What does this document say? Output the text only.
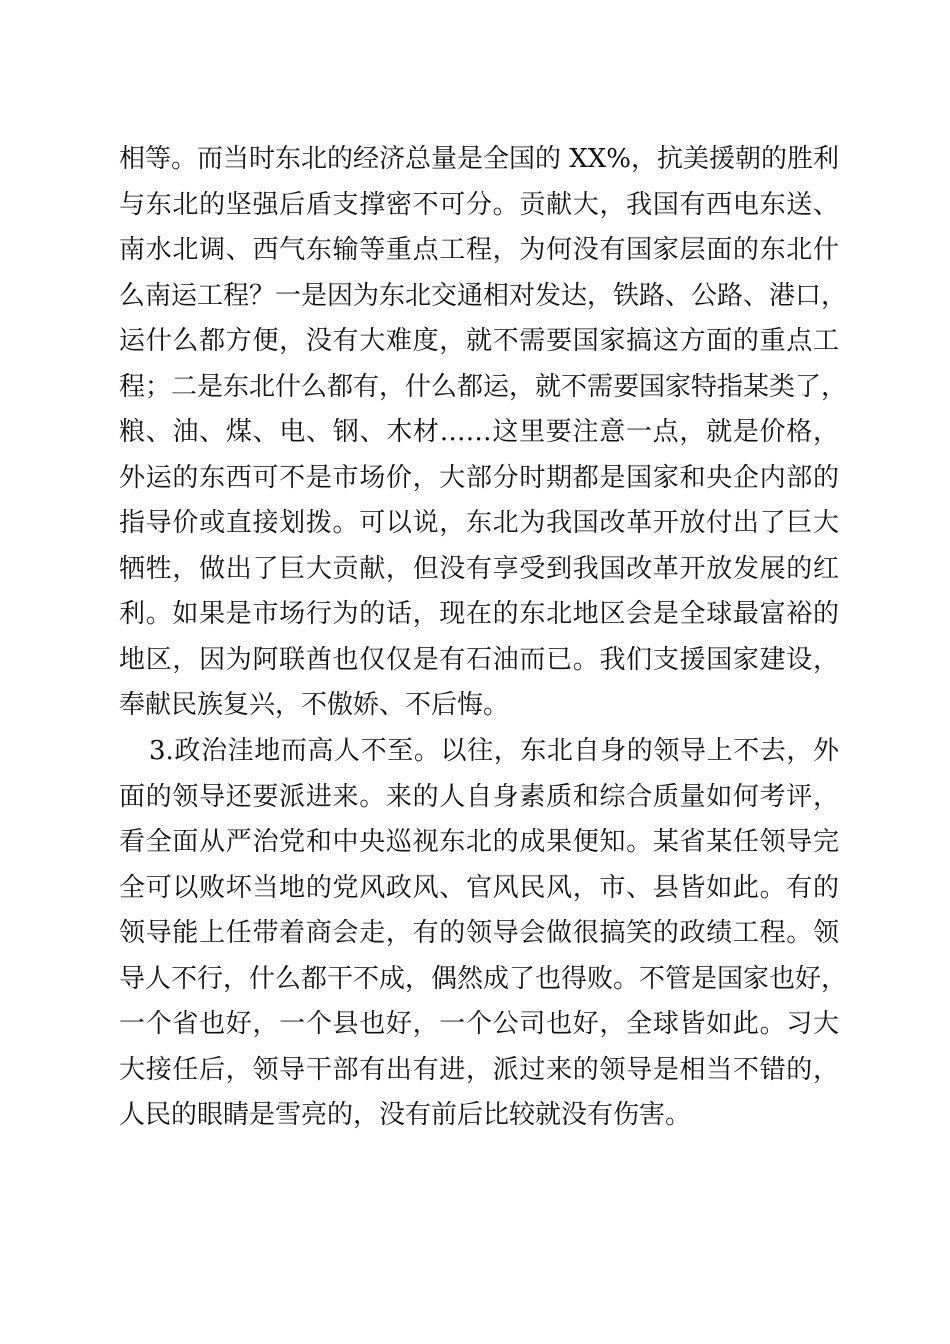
相等。而当时东北的经济总量是全国的 XX%，抗美援朝的胜利
与东北的坚强后盾支撑密不可分。贡献大，我国有西电东送、
南水北调、西气东输等重点工程，为何没有国家层面的东北什
么南运工程？一是因为东北交通相对发达，铁路、公路、港口，
运什么都方便，没有大难度，就不需要国家搞这方面的重点工
程；二是东北什么都有，什么都运，就不需要国家特指某类了，
粮、油、煤、电、钢、木材……这里要注意一点，就是价格，
外运的东西可不是市场价，大部分时期都是国家和央企内部的
指导价或直接划拨。可以说，东北为我国改革开放付出了巨大
牺牲，做出了巨大贡献，但没有享受到我国改革开放发展的红
利。如果是市场行为的话，现在的东北地区会是全球最富裕的
地区，因为阿联酋也仅仅是有石油而已。我们支援国家建设，
奉献民族复兴，不傲娇、不后悔。
3.政治洼地而高人不至。以往，东北自身的领导上不去，外
面的领导还要派进来。来的人自身素质和综合质量如何考评，
看全面从严治党和中央巡视东北的成果便知。某省某任领导完
全可以败坏当地的党风政风、官风民风，市、县皆如此。有的
领导能上任带着商会走，有的领导会做很搞笑的政绩工程。领
导人不行，什么都干不成，偶然成了也得败。不管是国家也好，
一个省也好，一个县也好，一个公司也好，全球皆如此。习大
大接任后，领导干部有出有进，派过来的领导是相当不错的，
人民的眼睛是雪亮的，没有前后比较就没有伤害。
